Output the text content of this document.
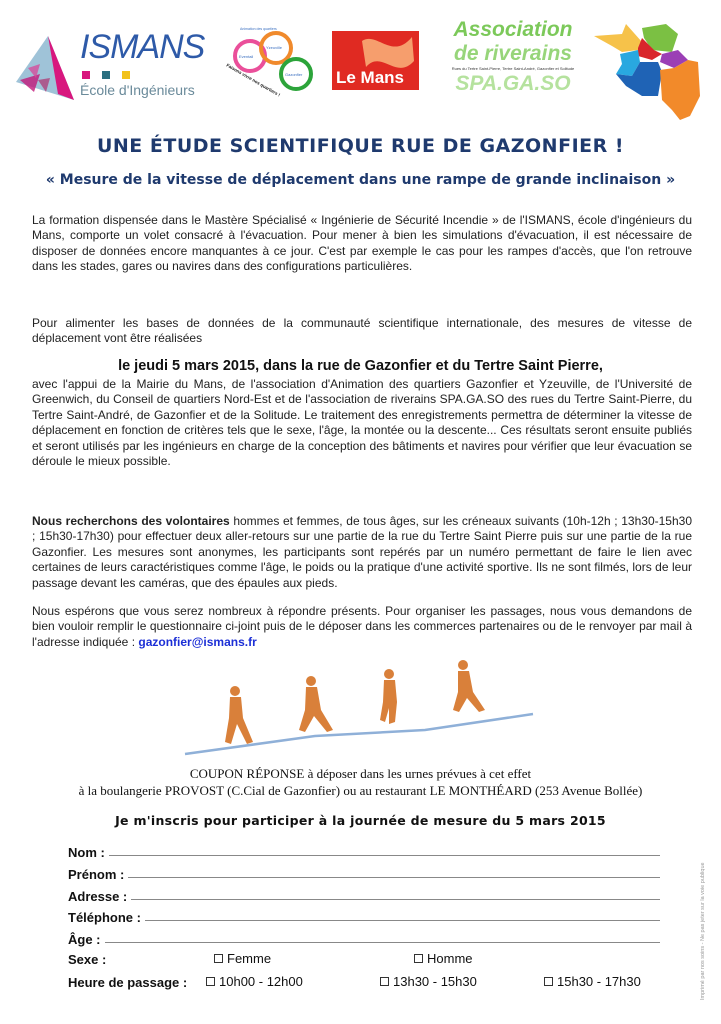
ISMANS
École d'Ingénieurs
Animation des quartiers
Eventail
Yzeuville
Gazonfier
Faisons vivre nos quartiers !	Le Mans
Association
de riverains
Rues du Tertre Saint-Pierre, Tertre Saint-André, Gazonfier et Solitude
SPA.GA.SO
UNE ÉTUDE SCIENTIFIQUE RUE DE GAZONFIER !
« Mesure de la vitesse de déplacement dans une rampe de grande inclinaison »
La formation dispensée dans le Mastère Spécialisé « Ingénierie de Sécurité Incendie » de l'ISMANS, école d'ingénieurs du Mans, comporte un volet consacré à l'évacuation. Pour mener à bien les simulations d'évacuation, il est nécessaire de disposer de données encore manquantes à ce jour. C'est par exemple le cas pour les rampes d'accès, que l'on retrouve dans les stades, gares ou navires dans des configurations particulières.
Pour alimenter les bases de données de la communauté scientifique internationale, des mesures de vitesse de déplacement vont être réalisées
le jeudi 5 mars 2015, dans la rue de Gazonfier et du Tertre Saint Pierre,
avec l'appui de la Mairie du Mans, de l'association d'Animation des quartiers Gazonfier et Yzeuville, de l'Université de Greenwich, du Conseil de quartiers Nord-Est et de l'association de riverains SPA.GA.SO des rues du Tertre Saint-Pierre, du Tertre Saint-André, de Gazonfier et de la Solitude. Le traitement des enregistrements permettra de déterminer la vitesse de déplacement en fonction de critères tels que le sexe, l'âge, la montée ou la descente... Ces résultats seront ensuite publiés et seront utilisés par les ingénieurs en charge de la conception des bâtiments et navires pour vérifier que leur évacuation se déroule le mieux possible.
Nous recherchons des volontaires hommes et femmes, de tous âges, sur les créneaux suivants (10h-12h ; 13h30-15h30 ; 15h30-17h30) pour effectuer deux aller-retours sur une partie de la rue du Tertre Saint Pierre puis sur une partie de la rue Gazonfier. Les mesures sont anonymes, les participants sont repérés par un numéro permettant de faire le lien avec certaines de leurs caractéristiques comme l'âge, le poids ou la pratique d'une activité sportive. Ils ne sont filmés, lors de leur passage devant les caméras, que des épaules aux pieds.
Nous espérons que vous serez nombreux à répondre présents. Pour organiser les passages, nous vous demandons de bien vouloir remplir le questionnaire ci-joint puis de le déposer dans les commerces partenaires ou de le renvoyer par mail à l'adresse indiquée : gazonfier@ismans.fr
COUPON RÉPONSE à déposer dans les urnes prévues à cet effet
à la boulangerie PROVOST (C.Cial de Gazonfier) ou au restaurant LE MONTHÉARD (253 Avenue Bollée)
Je m'inscris pour participer à la journée de mesure du 5 mars 2015
Nom :
Prénom :
Adresse :
Téléphone :
Âge :
Sexe :	Femme	Homme
Heure de passage :	10h00 - 12h00	13h30 - 15h30	15h30 - 17h30	Imprimé par nos soins - Ne pas jeter sur la voie publique
